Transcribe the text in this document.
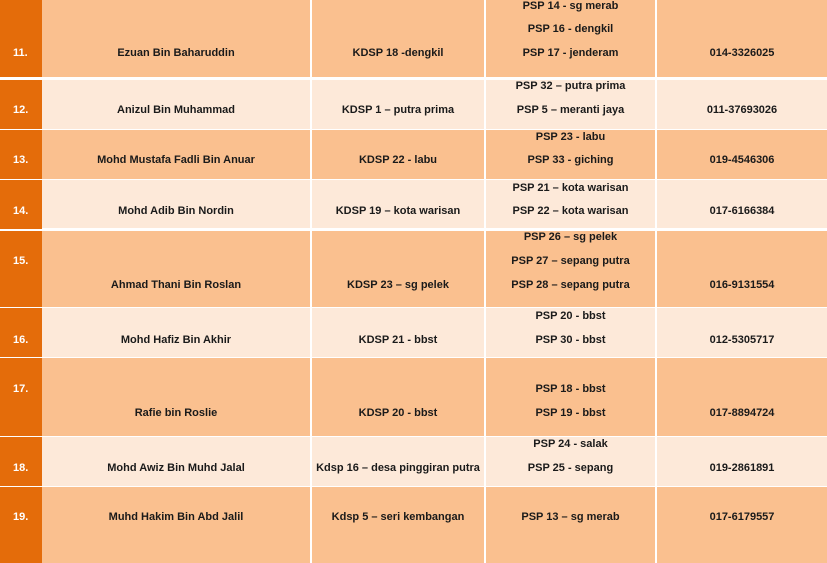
11.	Ezuan Bin Baharuddin	KDSP 18 -dengkil
PSP 14 - sg merab
PSP 16 - dengkil
PSP 17 - jenderam	014-3326025
12.	Anizul Bin Muhammad	KDSP 1 – putra prima
PSP 32 – putra prima
PSP 5 – meranti jaya	011-37693026
13.	Mohd Mustafa Fadli Bin Anuar	KDSP 22 - labu
PSP 23 - labu
PSP 33 - giching	019-4546306
14.	Mohd Adib Bin Nordin	KDSP 19 – kota warisan
PSP 21 – kota warisan
PSP 22 – kota warisan	017-6166384
15.
Ahmad Thani Bin Roslan	KDSP 23 – sg pelek
PSP 26 – sg pelek
PSP 27 – sepang putra
PSP 28 – sepang putra	016-9131554
16.	Mohd Hafiz Bin Akhir	KDSP 21 - bbst
PSP 20 - bbst
PSP 30 - bbst	012-5305717
17.
Rafie bin Roslie	KDSP 20 - bbst
PSP 18 - bbst
PSP 19 - bbst	017-8894724
18.	Mohd Awiz Bin Muhd Jalal	Kdsp 16 – desa pinggiran putra
PSP 24 - salak
PSP 25 - sepang	019-2861891
19.	Muhd Hakim Bin Abd Jalil	Kdsp 5 – seri kembangan	PSP 13 – sg merab	017-6179557
